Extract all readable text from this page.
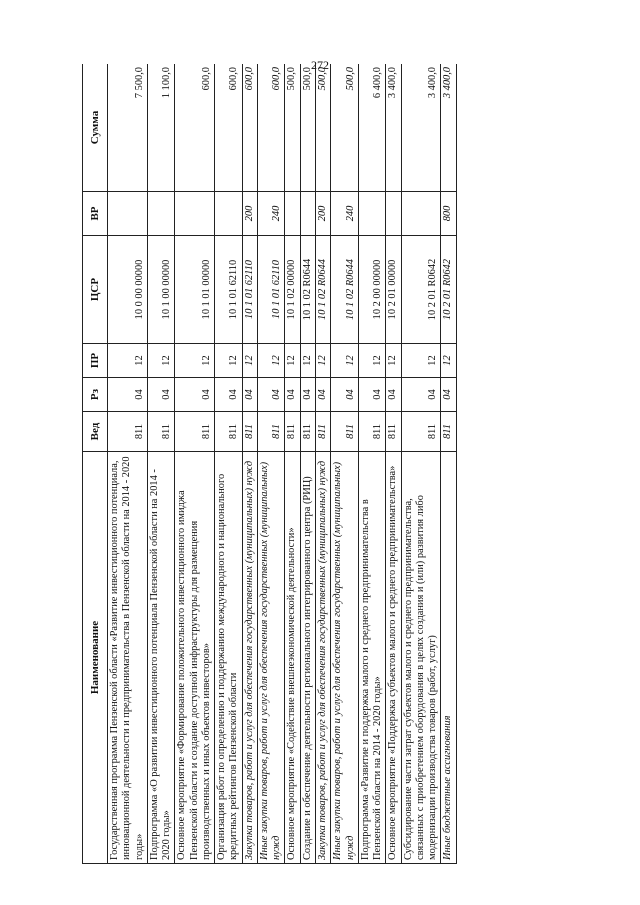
272
Наименование	Вед	Рз	ПР	ЦСР	ВР	Сумма
Государственная программа Пензенской области «Развитие инвестиционного потенциала, инновационной деятельности и предпринимательства в Пензенской области на 2014 - 2020 годы»	811	04	12	10 0 00 00000		7 500,0
Подпрограмма «О развитии инвестиционного потенциала Пензенской области на 2014 - 2020 годы»	811	04	12	10 1 00 00000		1 100,0
Основное мероприятие «Формирование положительного инвестиционного имиджа Пензенской области и создание доступной инфраструктуры для размещения производственных и иных объектов инвесторов»	811	04	12	10 1 01 00000		600,0
Организация работ по определению и поддержанию международного и национального кредитных рейтингов Пензенской области	811	04	12	10 1 01 62110		600,0
Закупка товаров, работ и услуг для обеспечения государственных (муниципальных) нужд	811	04	12	10 1 01 62110	200	600,0
Иные закупки товаров, работ и услуг для обеспечения государственных (муниципальных) нужд	811	04	12	10 1 01 62110	240	600,0
Основное мероприятие «Содействие внешнеэкономической деятельности»	811	04	12	10 1 02 00000		500,0
Создание и обеспечение деятельности регионального интегрированного центра (РИЦ)	811	04	12	10 1 02 R0644		500,0
Закупка товаров, работ и услуг для обеспечения государственных (муниципальных) нужд	811	04	12	10 1 02 R0644	200	500,0
Иные закупки товаров, работ и услуг для обеспечения государственных (муниципальных) нужд	811	04	12	10 1 02 R0644	240	500,0
Подпрограмма «Развитие и поддержка малого и среднего предпринимательства в Пензенской области на 2014 - 2020 годы»	811	04	12	10 2 00 00000		6 400,0
Основное мероприятие «Поддержка субъектов малого и среднего предпринимательства»	811	04	12	10 2 01 00000		3 400,0
Субсидирование части затрат субъектов малого и среднего предпринимательства, связанных с приобретением оборудования в целях создания и (или) развития либо модернизации производства товаров (работ, услуг)	811	04	12	10 2 01 R0642		3 400,0
Иные бюджетные ассигнования	811	04	12	10 2 01 R0642	800	3 400,0
